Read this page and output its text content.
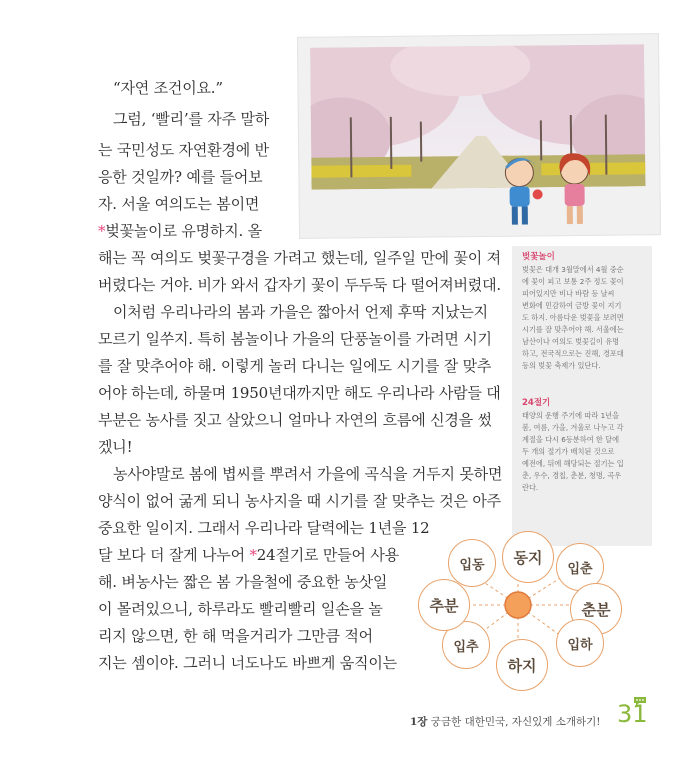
“자연 조건이요.”
그럼, ‘빨리’를 자주 말하
는 국민성도 자연환경에 반
응한 것일까? 예를 들어보
자. 서울 여의도는 봄이면
*벚꽃놀이로 유명하지. 올
해는 꼭 여의도 벚꽃구경을 가려고 했는데, 일주일 만에 꽃이 져
버렸다는 거야. 비가 와서 갑자기 꽃이 두두둑 다 떨어져버렸대.
이처럼 우리나라의 봄과 가을은 짧아서 언제 후딱 지났는지
모르기 일쑤지. 특히 봄놀이나 가을의 단풍놀이를 가려면 시기
를 잘 맞추어야 해. 이렇게 놀러 다니는 일에도 시기를 잘 맞추
어야 하는데, 하물며 1950년대까지만 해도 우리나라 사람들 대
부분은 농사를 짓고 살았으니 얼마나 자연의 흐름에 신경을 썼
겠니!
농사야말로 봄에 볍씨를 뿌려서 가을에 곡식을 거두지 못하면
양식이 없어 굶게 되니 농사지을 때 시기를 잘 맞추는 것은 아주
중요한 일이지. 그래서 우리나라 달력에는 1년을 12
달 보다 더 잘게 나누어 *24절기로 만들어 사용
해. 벼농사는 짧은 봄 가을철에 중요한 농삿일
이 몰려있으니, 하루라도 빨리빨리 일손을 놀
리지 않으면, 한 해 먹을거리가 그만큼 적어
지는 셈이야. 그러니 너도나도 바쁘게 움직이는
벚꽃놀이
벚꽃은 대개 3월말에서 4월 중순
에 꽃이 피고 보통 2주 정도 꽃이
피어있지만 비나 바람 등 날씨
변화에 민감하여 금방 꽃이 지기
도 하지. 아름다운 벚꽃을 보려면
시기를 잘 맞추어야 해. 서울에는
남산이나 여의도 벚꽃길이 유명
하고, 전국적으로는 진해, 경포대
등의 벚꽃 축제가 있단다.
24절기
태양의 운행 주기에 따라 1년을
봄, 여름, 가을, 겨울로 나누고 각
계절을 다시 6등분하여 한 달에
두 개의 절기가 배치된 것으로
예전에, 뒤에 해당되는 절기는 입
춘, 우수, 경칩, 춘분, 청명, 곡우
란다.
동지
입춘
춘분
입하
하지
입추
추분
입동
1장 궁금한 대한민국, 자신있게 소개하기! 31
